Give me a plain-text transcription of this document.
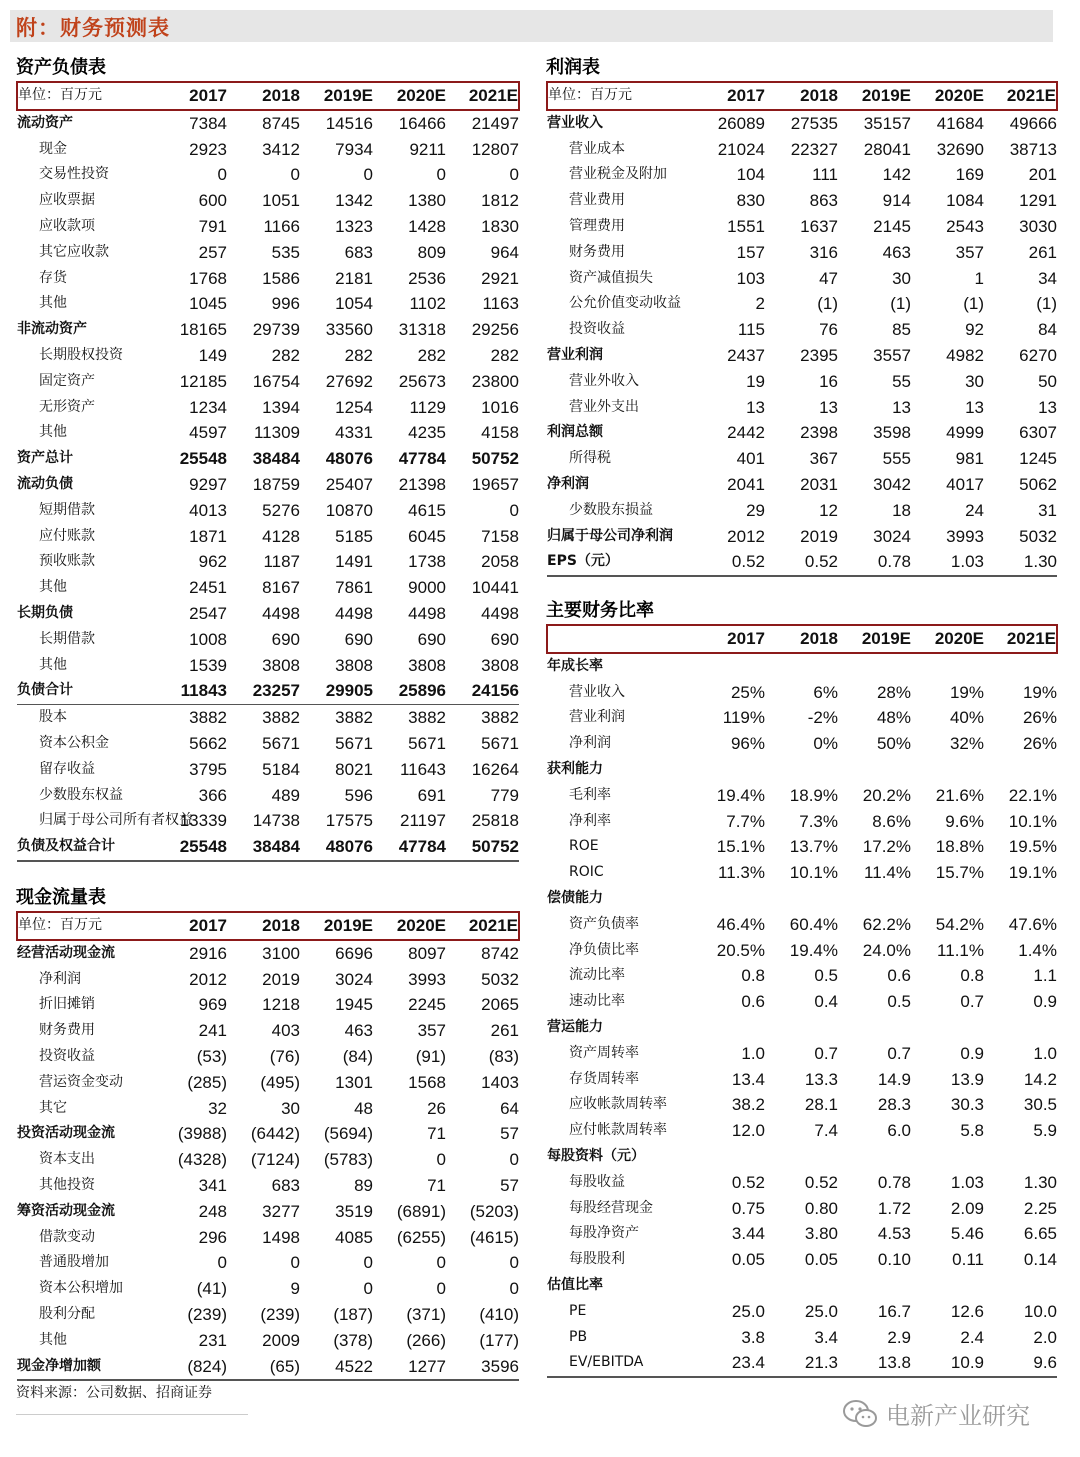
附：财务预测表
资产负债表
单位：百万元	2017	2018	2019E	2020E	2021E
流动资产	7384	8745	14516	16466	21497
现金	2923	3412	7934	9211	12807
交易性投资	0	0	0	0	0
应收票据	600	1051	1342	1380	1812
应收款项	791	1166	1323	1428	1830
其它应收款	257	535	683	809	964
存货	1768	1586	2181	2536	2921
其他	1045	996	1054	1102	1163
非流动资产	18165	29739	33560	31318	29256
长期股权投资	149	282	282	282	282
固定资产	12185	16754	27692	25673	23800
无形资产	1234	1394	1254	1129	1016
其他	4597	11309	4331	4235	4158
资产总计	25548	38484	48076	47784	50752
流动负债	9297	18759	25407	21398	19657
短期借款	4013	5276	10870	4615	0
应付账款	1871	4128	5185	6045	7158
预收账款	962	1187	1491	1738	2058
其他	2451	8167	7861	9000	10441
长期负债	2547	4498	4498	4498	4498
长期借款	1008	690	690	690	690
其他	1539	3808	3808	3808	3808
负债合计	11843	23257	29905	25896	24156
股本	3882	3882	3882	3882	3882
资本公积金	5662	5671	5671	5671	5671
留存收益	3795	5184	8021	11643	16264
少数股东权益	366	489	596	691	779
归属于母公司所有者权益	13339	14738	17575	21197	25818
负债及权益合计	25548	38484	48076	47784	50752
现金流量表
单位：百万元	2017	2018	2019E	2020E	2021E
经营活动现金流	2916	3100	6696	8097	8742
净利润	2012	2019	3024	3993	5032
折旧摊销	969	1218	1945	2245	2065
财务费用	241	403	463	357	261
投资收益	(53)	(76)	(84)	(91)	(83)
营运资金变动	(285)	(495)	1301	1568	1403
其它	32	30	48	26	64
投资活动现金流	(3988)	(6442)	(5694)	71	57
资本支出	(4328)	(7124)	(5783)	0	0
其他投资	341	683	89	71	57
筹资活动现金流	248	3277	3519	(6891)	(5203)
借款变动	296	1498	4085	(6255)	(4615)
普通股增加	0	0	0	0	0
资本公积增加	(41)	9	0	0	0
股利分配	(239)	(239)	(187)	(371)	(410)
其他	231	2009	(378)	(266)	(177)
现金净增加额	(824)	(65)	4522	1277	3596
利润表
单位：百万元	2017	2018	2019E	2020E	2021E
营业收入	26089	27535	35157	41684	49666
营业成本	21024	22327	28041	32690	38713
营业税金及附加	104	111	142	169	201
营业费用	830	863	914	1084	1291
管理费用	1551	1637	2145	2543	3030
财务费用	157	316	463	357	261
资产减值损失	103	47	30	1	34
公允价值变动收益	2	(1)	(1)	(1)	(1)
投资收益	115	76	85	92	84
营业利润	2437	2395	3557	4982	6270
营业外收入	19	16	55	30	50
营业外支出	13	13	13	13	13
利润总额	2442	2398	3598	4999	6307
所得税	401	367	555	981	1245
净利润	2041	2031	3042	4017	5062
少数股东损益	29	12	18	24	31
归属于母公司净利润	2012	2019	3024	3993	5032
EPS（元）	0.52	0.52	0.78	1.03	1.30
主要财务比率
	2017	2018	2019E	2020E	2021E
年成长率					
营业收入	25%	6%	28%	19%	19%
营业利润	119%	-2%	48%	40%	26%
净利润	96%	0%	50%	32%	26%
获利能力					
毛利率	19.4%	18.9%	20.2%	21.6%	22.1%
净利率	7.7%	7.3%	8.6%	9.6%	10.1%
ROE	15.1%	13.7%	17.2%	18.8%	19.5%
ROIC	11.3%	10.1%	11.4%	15.7%	19.1%
偿债能力					
资产负债率	46.4%	60.4%	62.2%	54.2%	47.6%
净负债比率	20.5%	19.4%	24.0%	11.1%	1.4%
流动比率	0.8	0.5	0.6	0.8	1.1
速动比率	0.6	0.4	0.5	0.7	0.9
营运能力					
资产周转率	1.0	0.7	0.7	0.9	1.0
存货周转率	13.4	13.3	14.9	13.9	14.2
应收帐款周转率	38.2	28.1	28.3	30.3	30.5
应付帐款周转率	12.0	7.4	6.0	5.8	5.9
每股资料（元）					
每股收益	0.52	0.52	0.78	1.03	1.30
每股经营现金	0.75	0.80	1.72	2.09	2.25
每股净资产	3.44	3.80	4.53	5.46	6.65
每股股利	0.05	0.05	0.10	0.11	0.14
估值比率					
PE	25.0	25.0	16.7	12.6	10.0
PB	3.8	3.4	2.9	2.4	2.0
EV/EBITDA	23.4	21.3	13.8	10.9	9.6
资料来源：公司数据、招商证券
电新产业研究
